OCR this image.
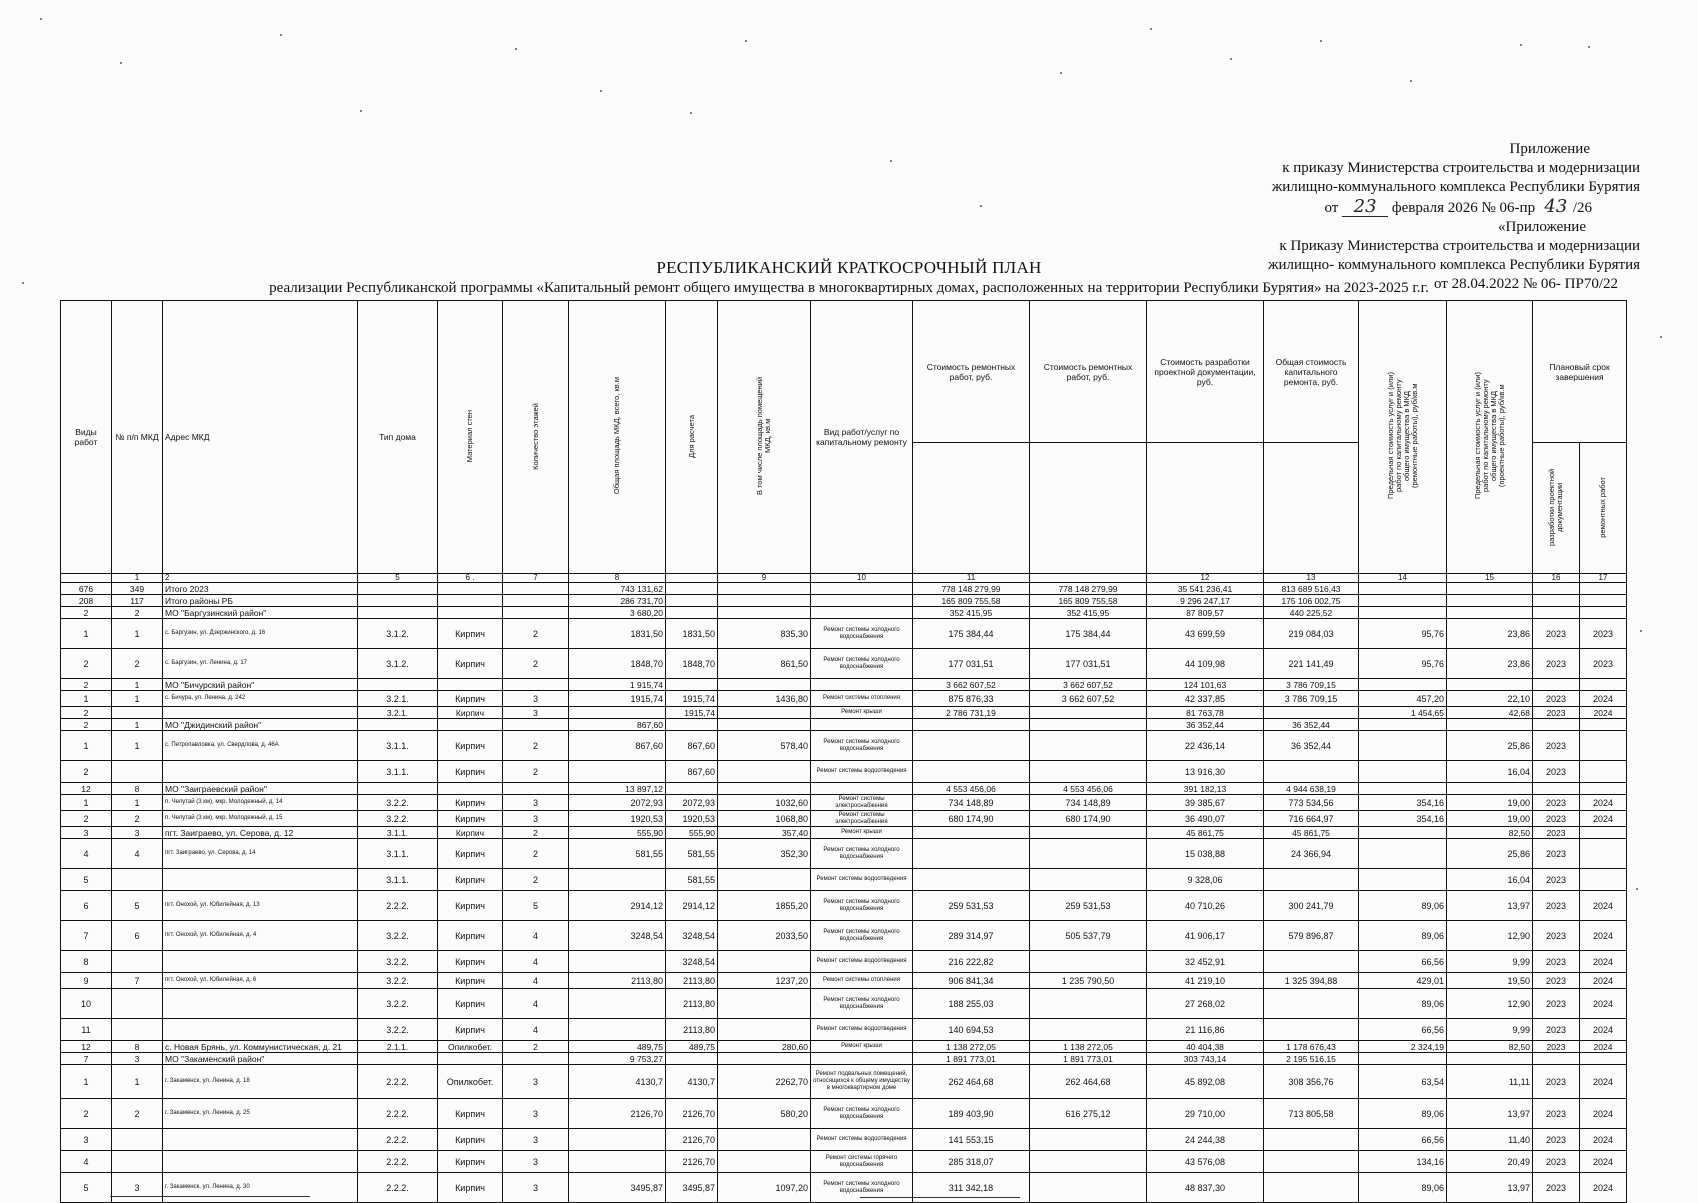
Приложение
к приказу Министерства строительства и модернизации
жилищно-коммунального комплекса Республики Бурятия
от 23 февраля 2026 № 06-пр 43 /26
«Приложение
к Приказу Министерства строительства и модернизации
жилищно- коммунального комплекса Республики Бурятия
от 28.04.2022 № 06- ПР70/22
РЕСПУБЛИКАНСКИЙ КРАТКОСРОЧНЫЙ ПЛАН
реализации Республиканской программы «Капитальный ремонт общего имущества в многоквартирных домах, расположенных на территории Республики Бурятия» на 2023-2025 г.г.
Виды работ	№ п/п МКД	Адрес МКД	Тип дома	Материал стен	Количество этажей	Общая площадь МКД, всего, кв.м	Для расчета	В том числе площадь помещений МКД, кв.м	Вид работ/услуг по капитальному ремонту	Стоимость ремонтных работ, руб.	Стоимость ремонтных работ, руб.	Стоимость разработки проектной документации, руб.	Общая стоимость капитального ремонта, руб.	Предельная стоимость услуг и (или) работ по капитальному ремонту общего имущества в МКД (ремонтные работы), руб/кв.м	Предельная стоимость услуг и (или) работ по капитальному ремонту общего имущества в МКД (проектные работы), руб/кв.м	Плановый срок завершения	
																разработки проектной документации	ремонтных работ
	1	2	5	6 .	7	8		9	10	11		12	13	14	15	16	17
676	349	Итого 2023				743 131,62				778 148 279,99	778 148 279,99	35 541 236,41	813 689 516,43				
208	117	Итого районы РБ				286 731,70				165 809 755,58	165 809 755,58	9 296 247,17	175 106 002,75				
2	2	МО "Баргузинский район"				3 680,20				352 415,95	352 415,95	87 809,57	440 225,52				
1	1	с. Баргузин, ул. Дзержинского, д. 16	3.1.2.	Кирпич	2	1831,50	1831,50	835,30	Ремонт системы холодного водоснабжения	175 384,44	175 384,44	43 699,59	219 084,03	95,76	23,86	2023	2023
2	2	с. Баргузин, ул. Ленина, д. 17	3.1.2.	Кирпич	2	1848,70	1848,70	861,50	Ремонт системы холодного водоснабжения	177 031,51	177 031,51	44 109,98	221 141,49	95,76	23,86	2023	2023
2	1	МО "Бичурский район"				1 915,74				3 662 607,52	3 662 607,52	124 101,63	3 786 709,15				
1	1	с. Бичура, ул. Ленина, д. 242	3.2.1.	Кирпич	3	1915,74	1915,74	1436,80	Ремонт системы отопления	875 876,33	3 662 607,52	42 337,85	3 786 709,15	457,20	22,10	2023	2024
2			3.2.1.	Кирпич	3		1915,74		Ремонт крыши	2 786 731,19		81 763,78		1 454,65	42,68	2023	2024
2	1	МО "Джидинский район"				867,60						36 352,44	36 352,44				
1	1	с. Петропавловка, ул. Свердлова, д. 46А	3.1.1.	Кирпич	2	867,60	867,60	578,40	Ремонт системы холодного водоснабжения			22 436,14	36 352,44		25,86	2023	
2			3.1.1.	Кирпич	2		867,60		Ремонт системы водоотведения			13 916,30			16,04	2023	
12	8	МО "Заиграевский район"				13 897,12				4 553 456,06	4 553 456,06	391 182,13	4 944 638,19				
1	1	п. Челутай (3 км), мкр. Молодежный, д. 14	3.2.2.	Кирпич	3	2072,93	2072,93	1032,60	Ремонт системы электроснабжения	734 148,89	734 148,89	39 385,67	773 534,56	354,16	19,00	2023	2024
2	2	п. Челутай (3 км), мкр. Молодежный, д. 15	3.2.2.	Кирпич	3	1920,53	1920,53	1068,80	Ремонт системы электроснабжения	680 174,90	680 174,90	36 490,07	716 664,97	354,16	19,00	2023	2024
3	3	пгт. Заиграево, ул. Серова, д. 12	3.1.1.	Кирпич	2	555,90	555,90	357,40	Ремонт крыши			45 861,75	45 861,75		82,50	2023	
4	4	пгт. Заиграево, ул. Серова, д. 14	3.1.1.	Кирпич	2	581,55	581,55	352,30	Ремонт системы холодного водоснабжения			15 038,88	24 366,94		25,86	2023	
5			3.1.1.	Кирпич	2		581,55		Ремонт системы водоотведения			9 328,06			16,04	2023	
6	5	пгт. Онохой, ул. Юбилейная, д. 13	2.2.2.	Кирпич	5	2914,12	2914,12	1855,20	Ремонт системы холодного водоснабжения	259 531,53	259 531,53	40 710,26	300 241,79	89,06	13,97	2023	2024
7	6	пгт. Онохой, ул. Юбилейная, д. 4	3.2.2.	Кирпич	4	3248,54	3248,54	2033,50	Ремонт системы холодного водоснабжения	289 314,97	505 537,79	41 906,17	579 896,87	89,06	12,90	2023	2024
8			3.2.2.	Кирпич	4		3248,54		Ремонт системы водоотведения	216 222,82		32 452,91		66,56	9,99	2023	2024
9	7	пгт. Онохой, ул. Юбилейная, д. 6	3.2.2.	Кирпич	4	2113,80	2113,80	1237,20	Ремонт системы отопления	906 841,34	1 235 790,50	41 219,10	1 325 394,88	429,01	19,50	2023	2024
10			3.2.2.	Кирпич	4		2113,80		Ремонт системы холодного водоснабжения	188 255,03		27 268,02		89,06	12,90	2023	2024
11			3.2.2.	Кирпич	4		2113,80		Ремонт системы водоотведения	140 694,53		21 116,86		66,56	9,99	2023	2024
12	8	с. Новая Брянь, ул. Коммунистическая, д. 21	2.1.1.	Опилкобет.	2	489,75	489,75	280,60	Ремонт крыши	1 138 272,05	1 138 272,05	40 404,38	1 178 676,43	2 324,19	82,50	2023	2024
7	3	МО "Закаменский район"				9 753,27				1 891 773,01	1 891 773,01	303 743,14	2 195 516,15				
1	1	г. Закаменск, ул. Ленина, д. 18	2.2.2.	Опилкобет.	3	4130,7	4130,7	2262,70	Ремонт подвальных помещений, относящихся к общему имуществу в многоквартирном доме	262 464,68	262 464,68	45 892,08	308 356,76	63,54	11,11	2023	2024
2	2	г. Закаменск, ул. Ленина, д. 25	2.2.2.	Кирпич	3	2126,70	2126,70	580,20	Ремонт системы холодного водоснабжения	189 403,90	616 275,12	29 710,00	713 805,58	89,06	13,97	2023	2024
3			2.2.2.	Кирпич	3		2126,70		Ремонт системы водоотведения	141 553,15		24 244,38		66,56	11,40	2023	2024
4			2.2.2.	Кирпич	3		2126,70		Ремонт системы горячего водоснабжения	285 318,07		43 576,08		134,16	20,49	2023	2024
5	3	г. Закаменск, ул. Ленина, д. 30	2.2.2.	Кирпич	3	3495,87	3495,87	1097,20	Ремонт системы холодного водоснабжения	311 342,18		48 837,30		89,06	13,97	2023	2024
